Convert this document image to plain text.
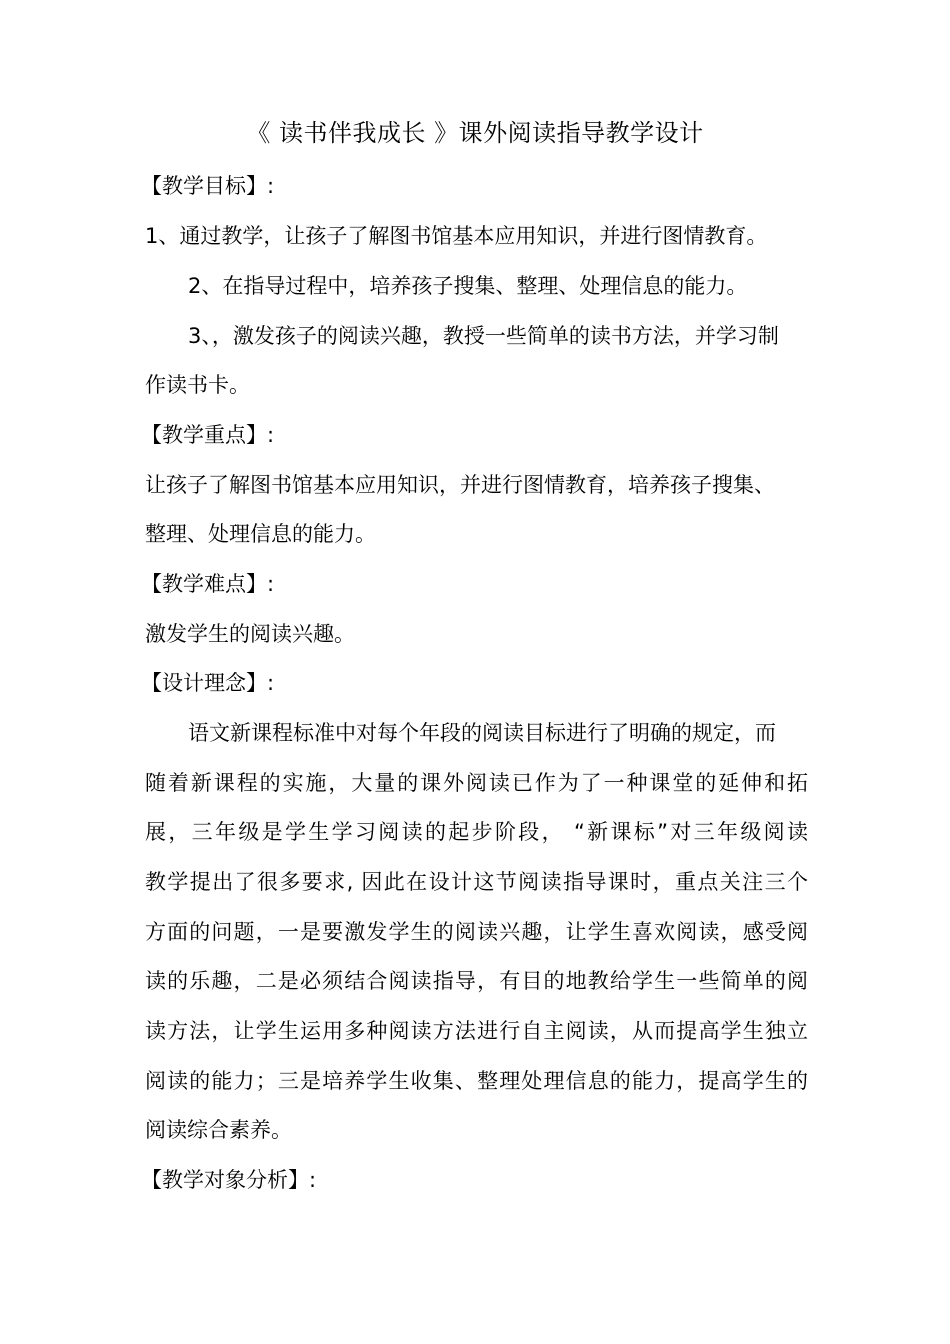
《 读书伴我成长 》课外阅读指导教学设计
【教学目标】:
1、通过教学，让孩子了解图书馆基本应用知识，并进行图情教育。
2、在指导过程中，培养孩子搜集、整理、处理信息的能力。
3、，激发孩子的阅读兴趣，教授一些简单的读书方法，并学习制
作读书卡。
【教学重点】:
让孩子了解图书馆基本应用知识，并进行图情教育，培养孩子搜集、
整理、处理信息的能力。
【教学难点】:
激发学生的阅读兴趣。
【设计理念】:
语文新课程标准中对每个年段的阅读目标进行了明确的规定，而
随着新课程的实施，大量的课外阅读已作为了一种课堂的延伸和拓
展，三年级是学生学习阅读的起步阶段， “新课标”对三年级阅读
教学提出了很多要求, 因此在设计这节阅读指导课时，重点关注三个
方面的问题，一是要激发学生的阅读兴趣，让学生喜欢阅读，感受阅
读的乐趣，二是必须结合阅读指导，有目的地教给学生一些简单的阅
读方法，让学生运用多种阅读方法进行自主阅读，从而提高学生独立
阅读的能力；三是培养学生收集、整理处理信息的能力，提高学生的
阅读综合素养。
【教学对象分析】:
